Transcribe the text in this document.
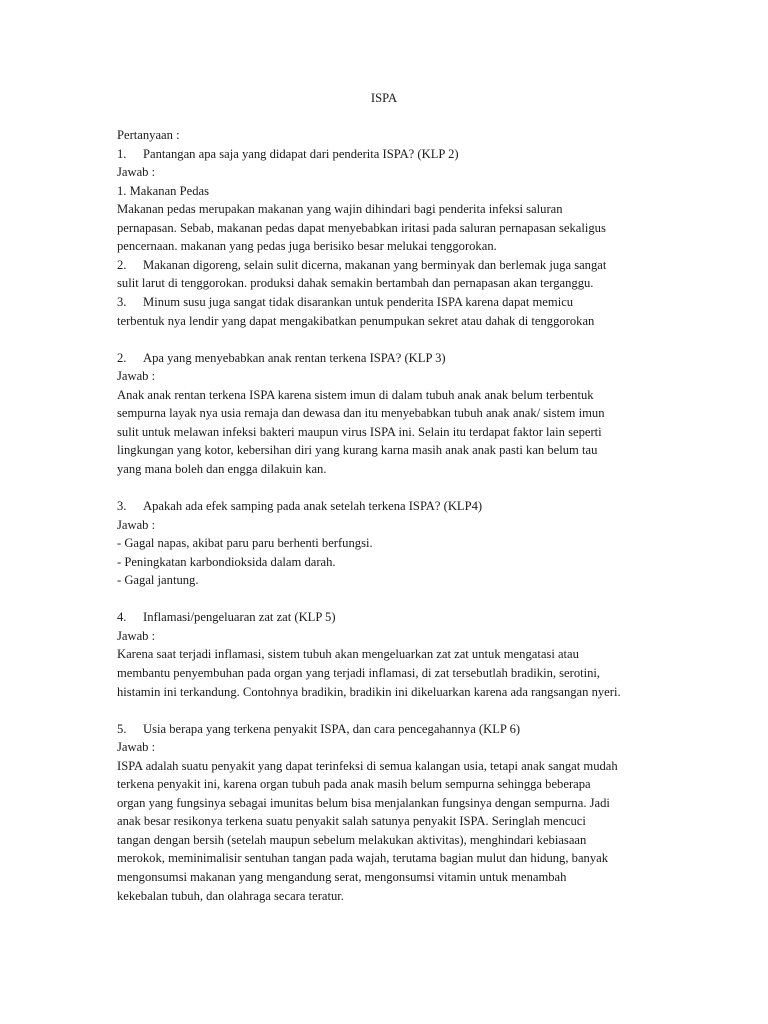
ISPA
Pertanyaan :
1. Pantangan apa saja yang didapat dari penderita ISPA? (KLP 2)
Jawab :
1. Makanan Pedas
Makanan pedas merupakan makanan yang wajin dihindari bagi penderita infeksi saluran
pernapasan. Sebab, makanan pedas dapat menyebabkan iritasi pada saluran pernapasan sekaligus
pencernaan. makanan yang pedas juga berisiko besar melukai tenggorokan.
2. Makanan digoreng, selain sulit dicerna, makanan yang berminyak dan berlemak juga sangat
sulit larut di tenggorokan. produksi dahak semakin bertambah dan pernapasan akan terganggu.
3. Minum susu juga sangat tidak disarankan untuk penderita ISPA karena dapat memicu
terbentuk nya lendir yang dapat mengakibatkan penumpukan sekret atau dahak di tenggorokan
2. Apa yang menyebabkan anak rentan terkena ISPA? (KLP 3)
Jawab :
Anak anak rentan terkena ISPA karena sistem imun di dalam tubuh anak anak belum terbentuk
sempurna layak nya usia remaja dan dewasa dan itu menyebabkan tubuh anak anak/ sistem imun
sulit untuk melawan infeksi bakteri maupun virus ISPA ini. Selain itu terdapat faktor lain seperti
lingkungan yang kotor, kebersihan diri yang kurang karna masih anak anak pasti kan belum tau
yang mana boleh dan engga dilakuin kan.
3. Apakah ada efek samping pada anak setelah terkena ISPA? (KLP4)
Jawab :
- Gagal napas, akibat paru paru berhenti berfungsi.
- Peningkatan karbondioksida dalam darah.
- Gagal jantung.
4. Inflamasi/pengeluaran zat zat (KLP 5)
Jawab :
Karena saat terjadi inflamasi, sistem tubuh akan mengeluarkan zat zat untuk mengatasi atau
membantu penyembuhan pada organ yang terjadi inflamasi, di zat tersebutlah bradikin, serotini,
histamin ini terkandung. Contohnya bradikin, bradikin ini dikeluarkan karena ada rangsangan nyeri.
5. Usia berapa yang terkena penyakit ISPA, dan cara pencegahannya (KLP 6)
Jawab :
ISPA adalah suatu penyakit yang dapat terinfeksi di semua kalangan usia, tetapi anak sangat mudah
terkena penyakit ini, karena organ tubuh pada anak masih belum sempurna sehingga beberapa
organ yang fungsinya sebagai imunitas belum bisa menjalankan fungsinya dengan sempurna. Jadi
anak besar resikonya terkena suatu penyakit salah satunya penyakit ISPA. Seringlah mencuci
tangan dengan bersih (setelah maupun sebelum melakukan aktivitas), menghindari kebiasaan
merokok, meminimalisir sentuhan tangan pada wajah, terutama bagian mulut dan hidung, banyak
mengonsumsi makanan yang mengandung serat, mengonsumsi vitamin untuk menambah
kekebalan tubuh, dan olahraga secara teratur.
